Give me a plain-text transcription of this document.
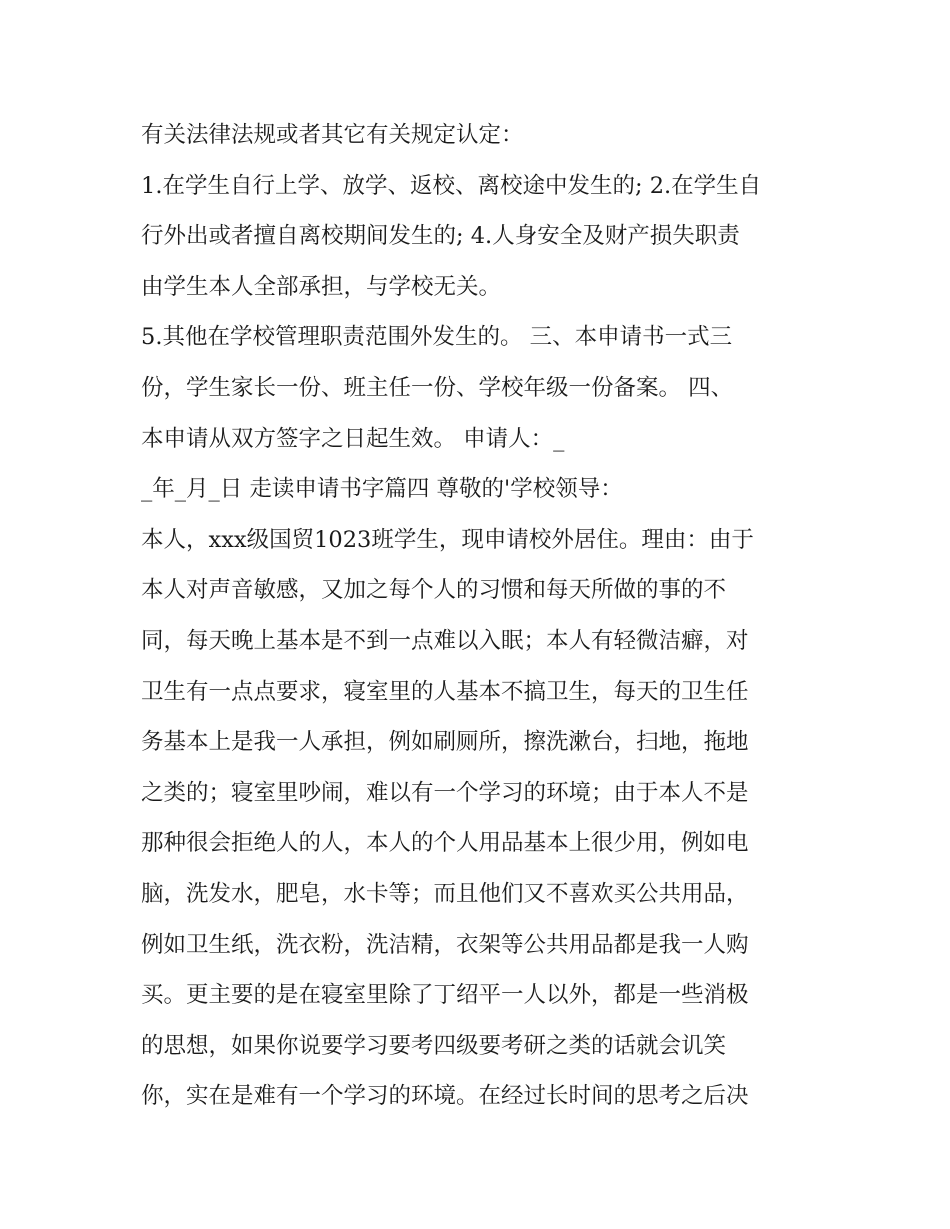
有关法律法规或者其它有关规定认定：
1.在学生自行上学、放学、返校、离校途中发生的; 2.在学生自
行外出或者擅自离校期间发生的; 4.人身安全及财产损失职责
由学生本人全部承担，与学校无关。
5.其他在学校管理职责范围外发生的。 三、本申请书一式三
份，学生家长一份、班主任一份、学校年级一份备案。 四、
本申请从双方签字之日起生效。 申请人：_
_年_月_日 走读申请书字篇四 尊敬的'学校领导：
本人，xxx级国贸1023班学生，现申请校外居住。理由：由于
本人对声音敏感，又加之每个人的习惯和每天所做的事的不
同，每天晚上基本是不到一点难以入眠；本人有轻微洁癖，对
卫生有一点点要求，寝室里的人基本不搞卫生，每天的卫生任
务基本上是我一人承担，例如刷厕所，擦洗漱台，扫地，拖地
之类的；寝室里吵闹，难以有一个学习的环境；由于本人不是
那种很会拒绝人的人，本人的个人用品基本上很少用，例如电
脑，洗发水，肥皂，水卡等；而且他们又不喜欢买公共用品，
例如卫生纸，洗衣粉，洗洁精，衣架等公共用品都是我一人购
买。更主要的是在寝室里除了丁绍平一人以外，都是一些消极
的思想，如果你说要学习要考四级要考研之类的话就会讥笑
你，实在是难有一个学习的环境。在经过长时间的思考之后决
